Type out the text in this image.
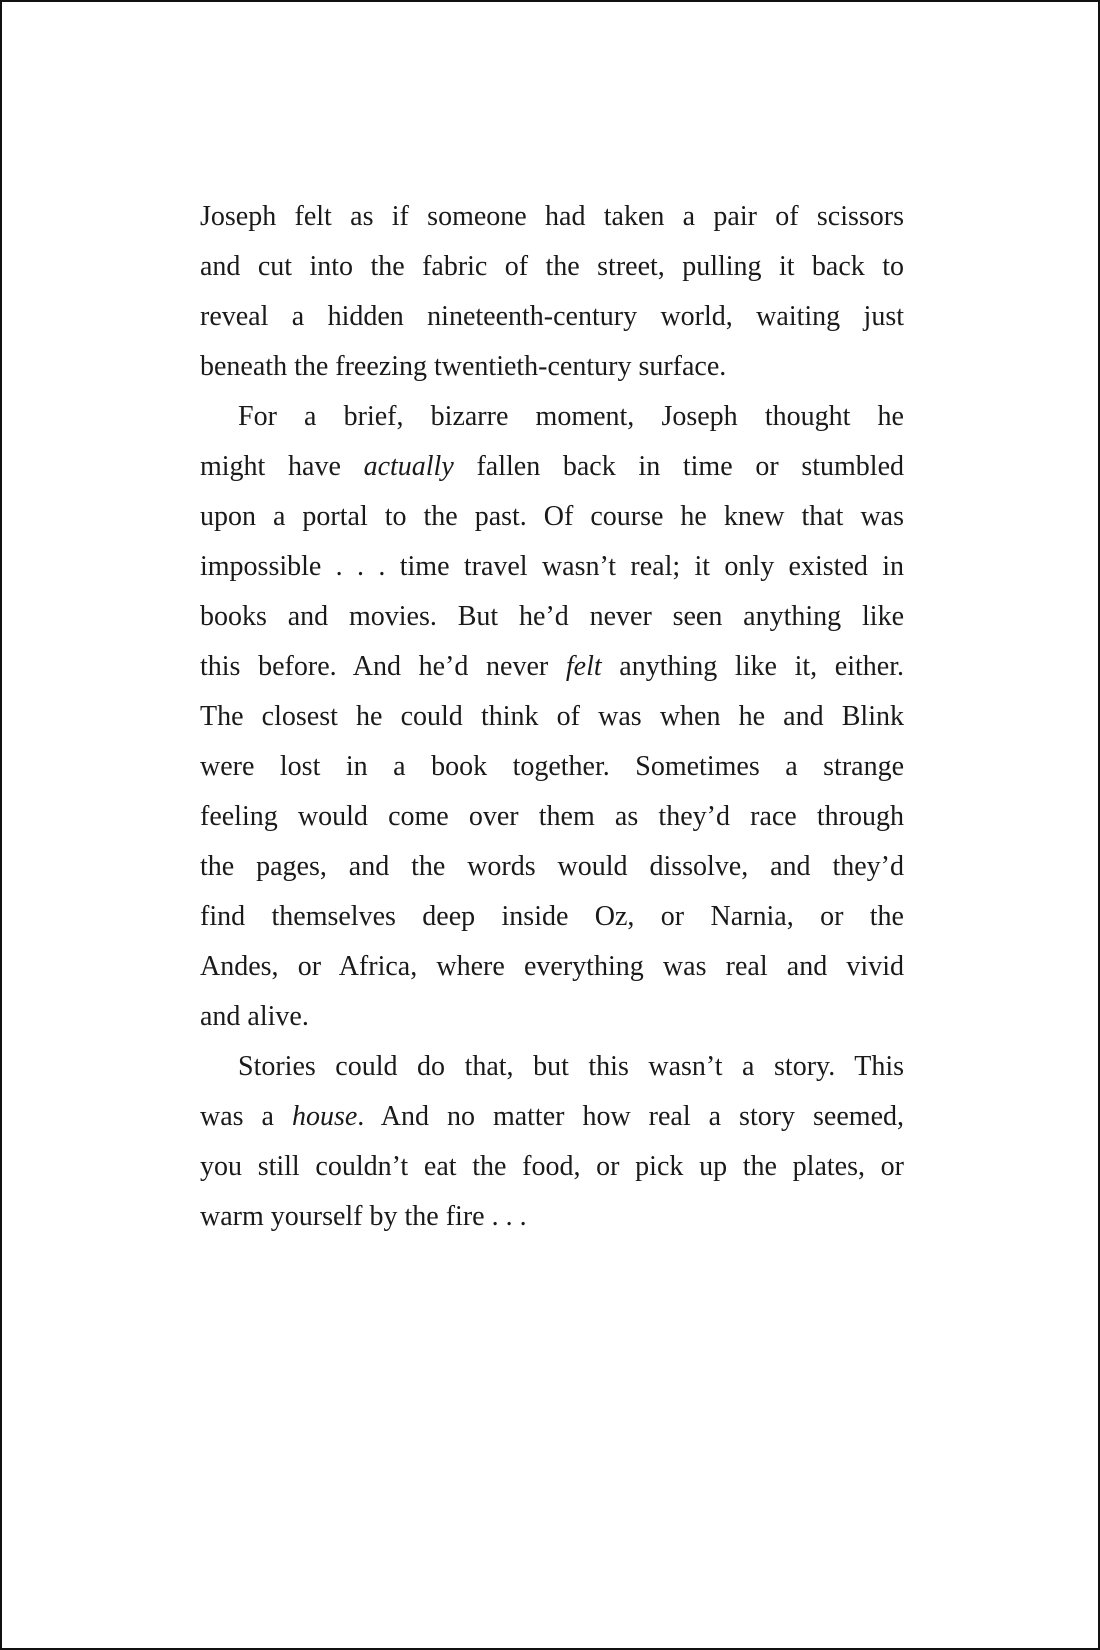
Joseph felt as if someone had taken a pair of scissors
and cut into the fabric of the street, pulling it back to
reveal a hidden nineteenth-century world, waiting just
beneath the freezing twentieth-century surface.

For a brief, bizarre moment, Joseph thought he
might have actually fallen back in time or stumbled
upon a portal to the past. Of course he knew that was
impossible . . . time travel wasn’t real; it only existed in
books and movies. But he’d never seen anything like
this before. And he’d never felt anything like it, either.
The closest he could think of was when he and Blink
were lost in a book together. Sometimes a strange
feeling would come over them as they’d race through
the pages, and the words would dissolve, and they’d
find themselves deep inside Oz, or Narnia, or the
Andes, or Africa, where everything was real and vivid
and alive.

Stories could do that, but this wasn’t a story. This
was a house. And no matter how real a story seemed,
you still couldn’t eat the food, or pick up the plates, or
warm yourself by the fire . . .
